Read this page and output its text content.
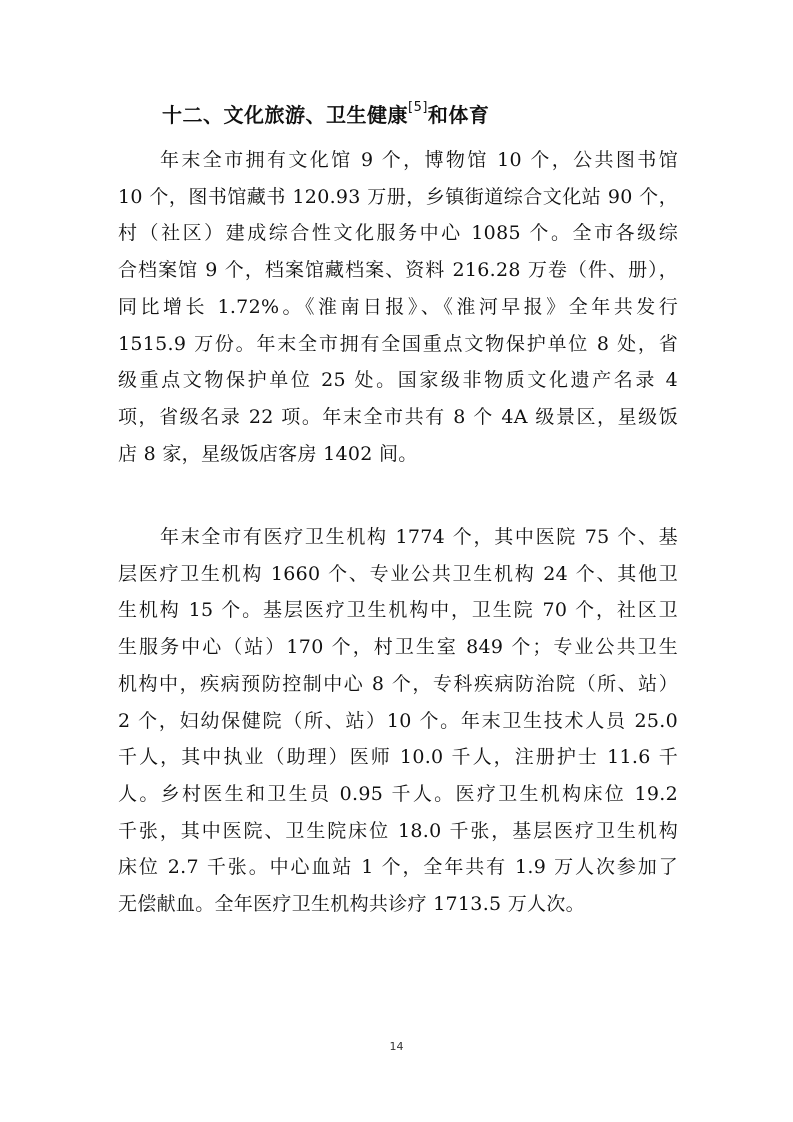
十二、文化旅游、卫生健康[5]和体育
年末全市拥有文化馆 9 个，博物馆 10 个，公共图书馆
10 个，图书馆藏书 120.93 万册，乡镇街道综合文化站 90 个，
村（社区）建成综合性文化服务中心 1085 个。全市各级综
合档案馆 9 个，档案馆藏档案、资料 216.28 万卷（件、册），
同比增长 1.72%。《淮南日报》、《淮河早报》全年共发行
1515.9 万份。年末全市拥有全国重点文物保护单位 8 处，省
级重点文物保护单位 25 处。国家级非物质文化遗产名录 4
项，省级名录 22 项。年末全市共有 8 个 4A 级景区，星级饭
店 8 家，星级饭店客房 1402 间。
年末全市有医疗卫生机构 1774 个，其中医院 75 个、基
层医疗卫生机构 1660 个、专业公共卫生机构 24 个、其他卫
生机构 15 个。基层医疗卫生机构中，卫生院 70 个，社区卫
生服务中心（站）170 个，村卫生室 849 个；专业公共卫生
机构中，疾病预防控制中心 8 个，专科疾病防治院（所、站）
2 个，妇幼保健院（所、站）10 个。年末卫生技术人员 25.0
千人，其中执业（助理）医师 10.0 千人，注册护士 11.6 千
人。乡村医生和卫生员 0.95 千人。医疗卫生机构床位 19.2
千张，其中医院、卫生院床位 18.0 千张，基层医疗卫生机构
床位 2.7 千张。中心血站 1 个，全年共有 1.9 万人次参加了
无偿献血。全年医疗卫生机构共诊疗 1713.5 万人次。
14
